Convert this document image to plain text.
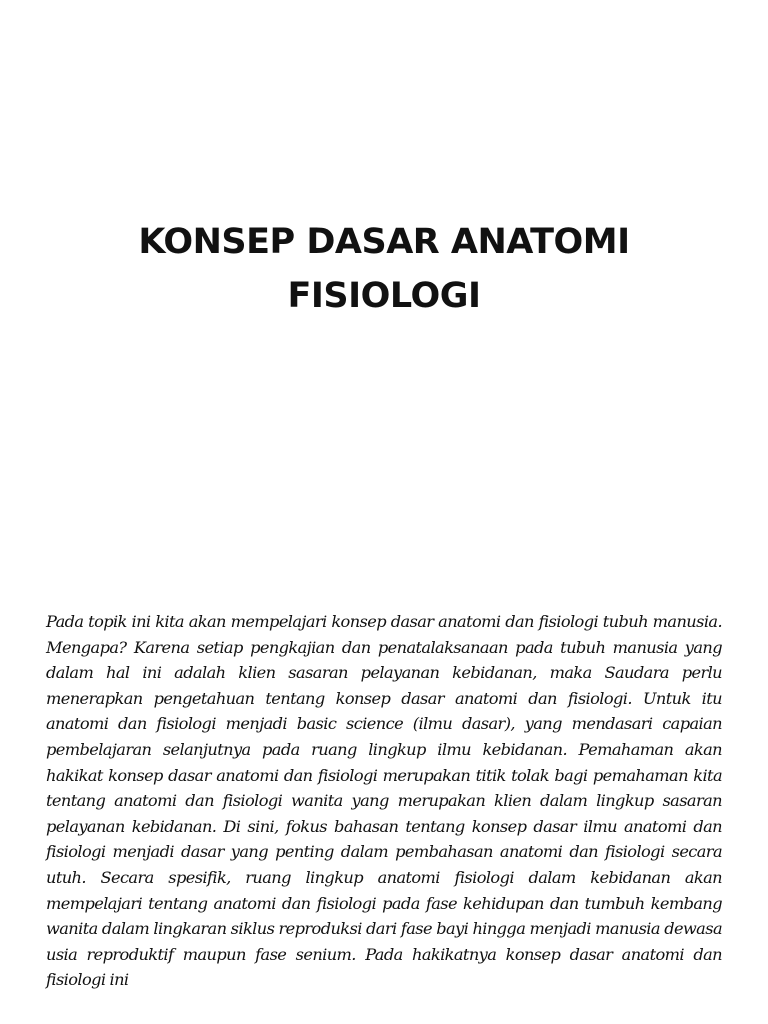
KONSEP DASAR ANATOMI
FISIOLOGI
Pada topik ini kita akan mempelajari konsep dasar anatomi dan fisiologi tubuh manusia. Mengapa? Karena setiap pengkajian dan penatalaksanaan pada tubuh manusia yang dalam hal ini adalah klien sasaran pelayanan kebidanan, maka Saudara perlu menerapkan pengetahuan tentang konsep dasar anatomi dan fisiologi. Untuk itu anatomi dan fisiologi menjadi basic science (ilmu dasar), yang mendasari capaian pembelajaran selanjutnya pada ruang lingkup ilmu kebidanan. Pemahaman akan hakikat konsep dasar anatomi dan fisiologi merupakan titik tolak bagi pemahaman kita tentang anatomi dan fisiologi wanita yang merupakan klien dalam lingkup sasaran pelayanan kebidanan. Di sini, fokus bahasan tentang konsep dasar ilmu anatomi dan fisiologi menjadi dasar yang penting dalam pembahasan anatomi dan fisiologi secara utuh. Secara spesifik, ruang lingkup anatomi fisiologi dalam kebidanan akan mempelajari tentang anatomi dan fisiologi pada fase kehidupan dan tumbuh kembang wanita dalam lingkaran siklus reproduksi dari fase bayi hingga menjadi manusia dewasa usia reproduktif maupun fase senium. Pada hakikatnya konsep dasar anatomi dan fisiologi ini
